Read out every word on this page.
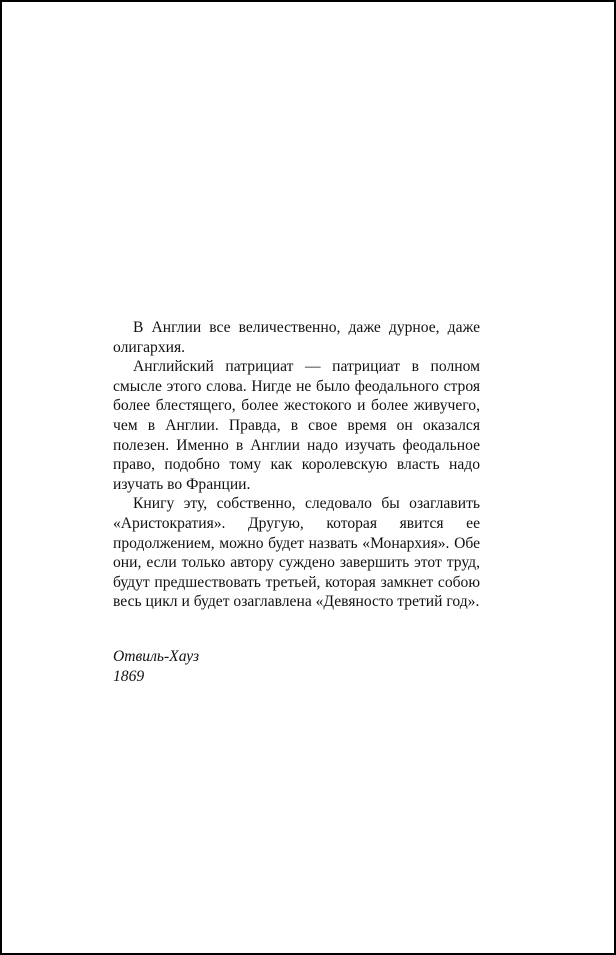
В Англии все величественно, даже дурное, даже олигархия.

Английский патрициат — патрициат в полном смысле этого слова. Нигде не было феодального строя более блестящего, более жестокого и более живучего, чем в Англии. Правда, в свое время он оказался полезен. Именно в Англии надо изучать феодальное право, подобно тому как королевскую власть надо изучать во Франции.

Книгу эту, собственно, следовало бы озаглавить «Аристократия». Другую, которая явится ее продолжением, можно будет назвать «Монархия». Обе они, если только автору суждено завершить этот труд, будут предшествовать третьей, которая замкнет собою весь цикл и будет озаглавлена «Девяносто третий год».

Отвиль-Хауз
1869
